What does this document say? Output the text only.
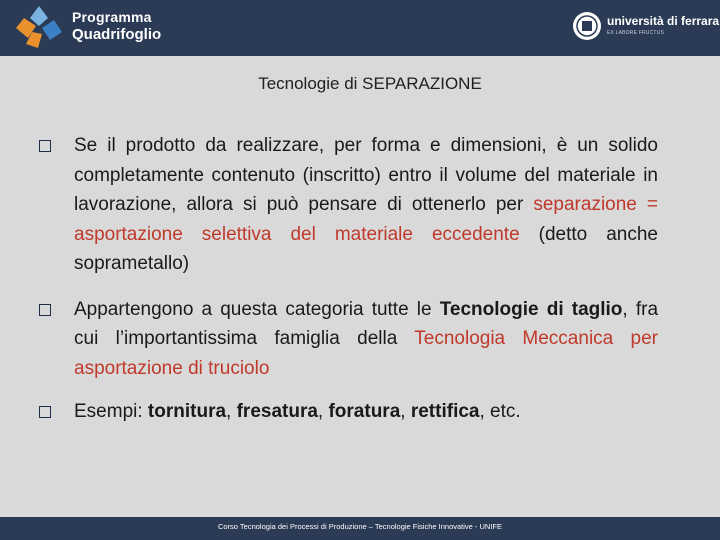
Programma
Quadrifoglio
università di ferrara
EX LABORE FRUCTUS
Tecnologie di SEPARAZIONE
Se il prodotto da realizzare, per forma e dimensioni, è un solido completamente contenuto (inscritto) entro il volume del materiale in lavorazione, allora si può pensare di ottenerlo per separazione = asportazione selettiva del materiale eccedente (detto anche soprametallo)
Appartengono a questa categoria tutte le Tecnologie di taglio, fra cui l’importantissima famiglia della Tecnologia Meccanica per asportazione di truciolo
Esempi: tornitura, fresatura, foratura, rettifica, etc.
Corso Tecnologia dei Processi di Produzione – Tecnologie Fisiche Innovative - UNIFE
